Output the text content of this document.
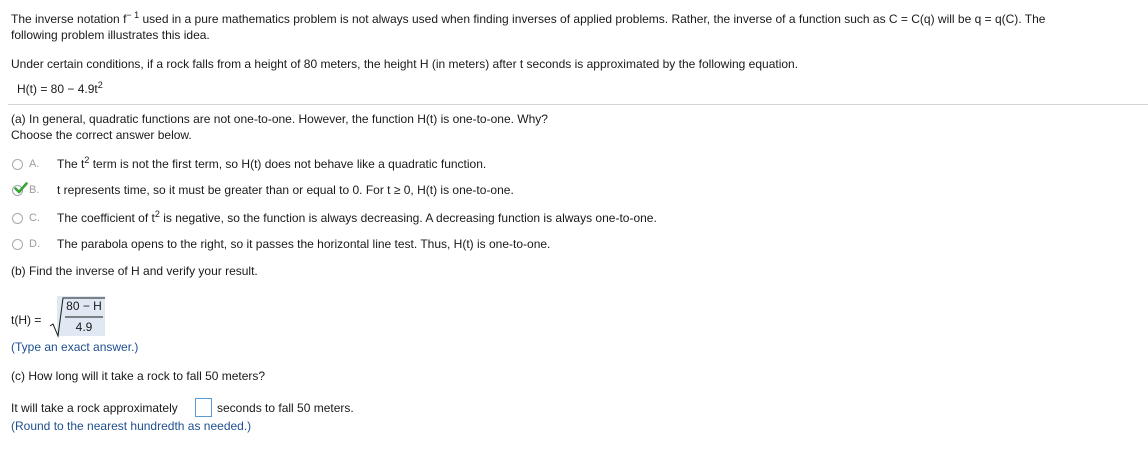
The inverse notation $f^{- 1}$ used in a pure mathematics problem is not always used when finding inverses of applied problems. Rather, the inverse of a function such as C = C(q) will be q = q(C). The
following problem illustrates this idea.
Under certain conditions, if a rock falls from a height of 80 meters, the height H (in meters) after t seconds is approximated by the following equation.
$H(t) = 80 - 4.9t^2$
(a) In general, quadratic functions are not one-to-one. However, the function H(t) is one-to-one. Why?
Choose the correct answer below.
A.	The $t^2$ term is not the first term, so H(t) does not behave like a quadratic function.
B.	t represents time, so it must be greater than or equal to 0. For t ≥ 0, H(t) is one-to-one.
C.	The coefficient of $t^2$ is negative, so the function is always decreasing. A decreasing function is always one-to-one.
D.	The parabola opens to the right, so it passes the horizontal line test. Thus, H(t) is one-to-one.
(b) Find the inverse of H and verify your result.
t(H) =
80 − H
4.9
(Type an exact answer.)
(c) How long will it take a rock to fall 50 meters?
It will take a rock approximately	seconds to fall 50 meters.
(Round to the nearest hundredth as needed.)
